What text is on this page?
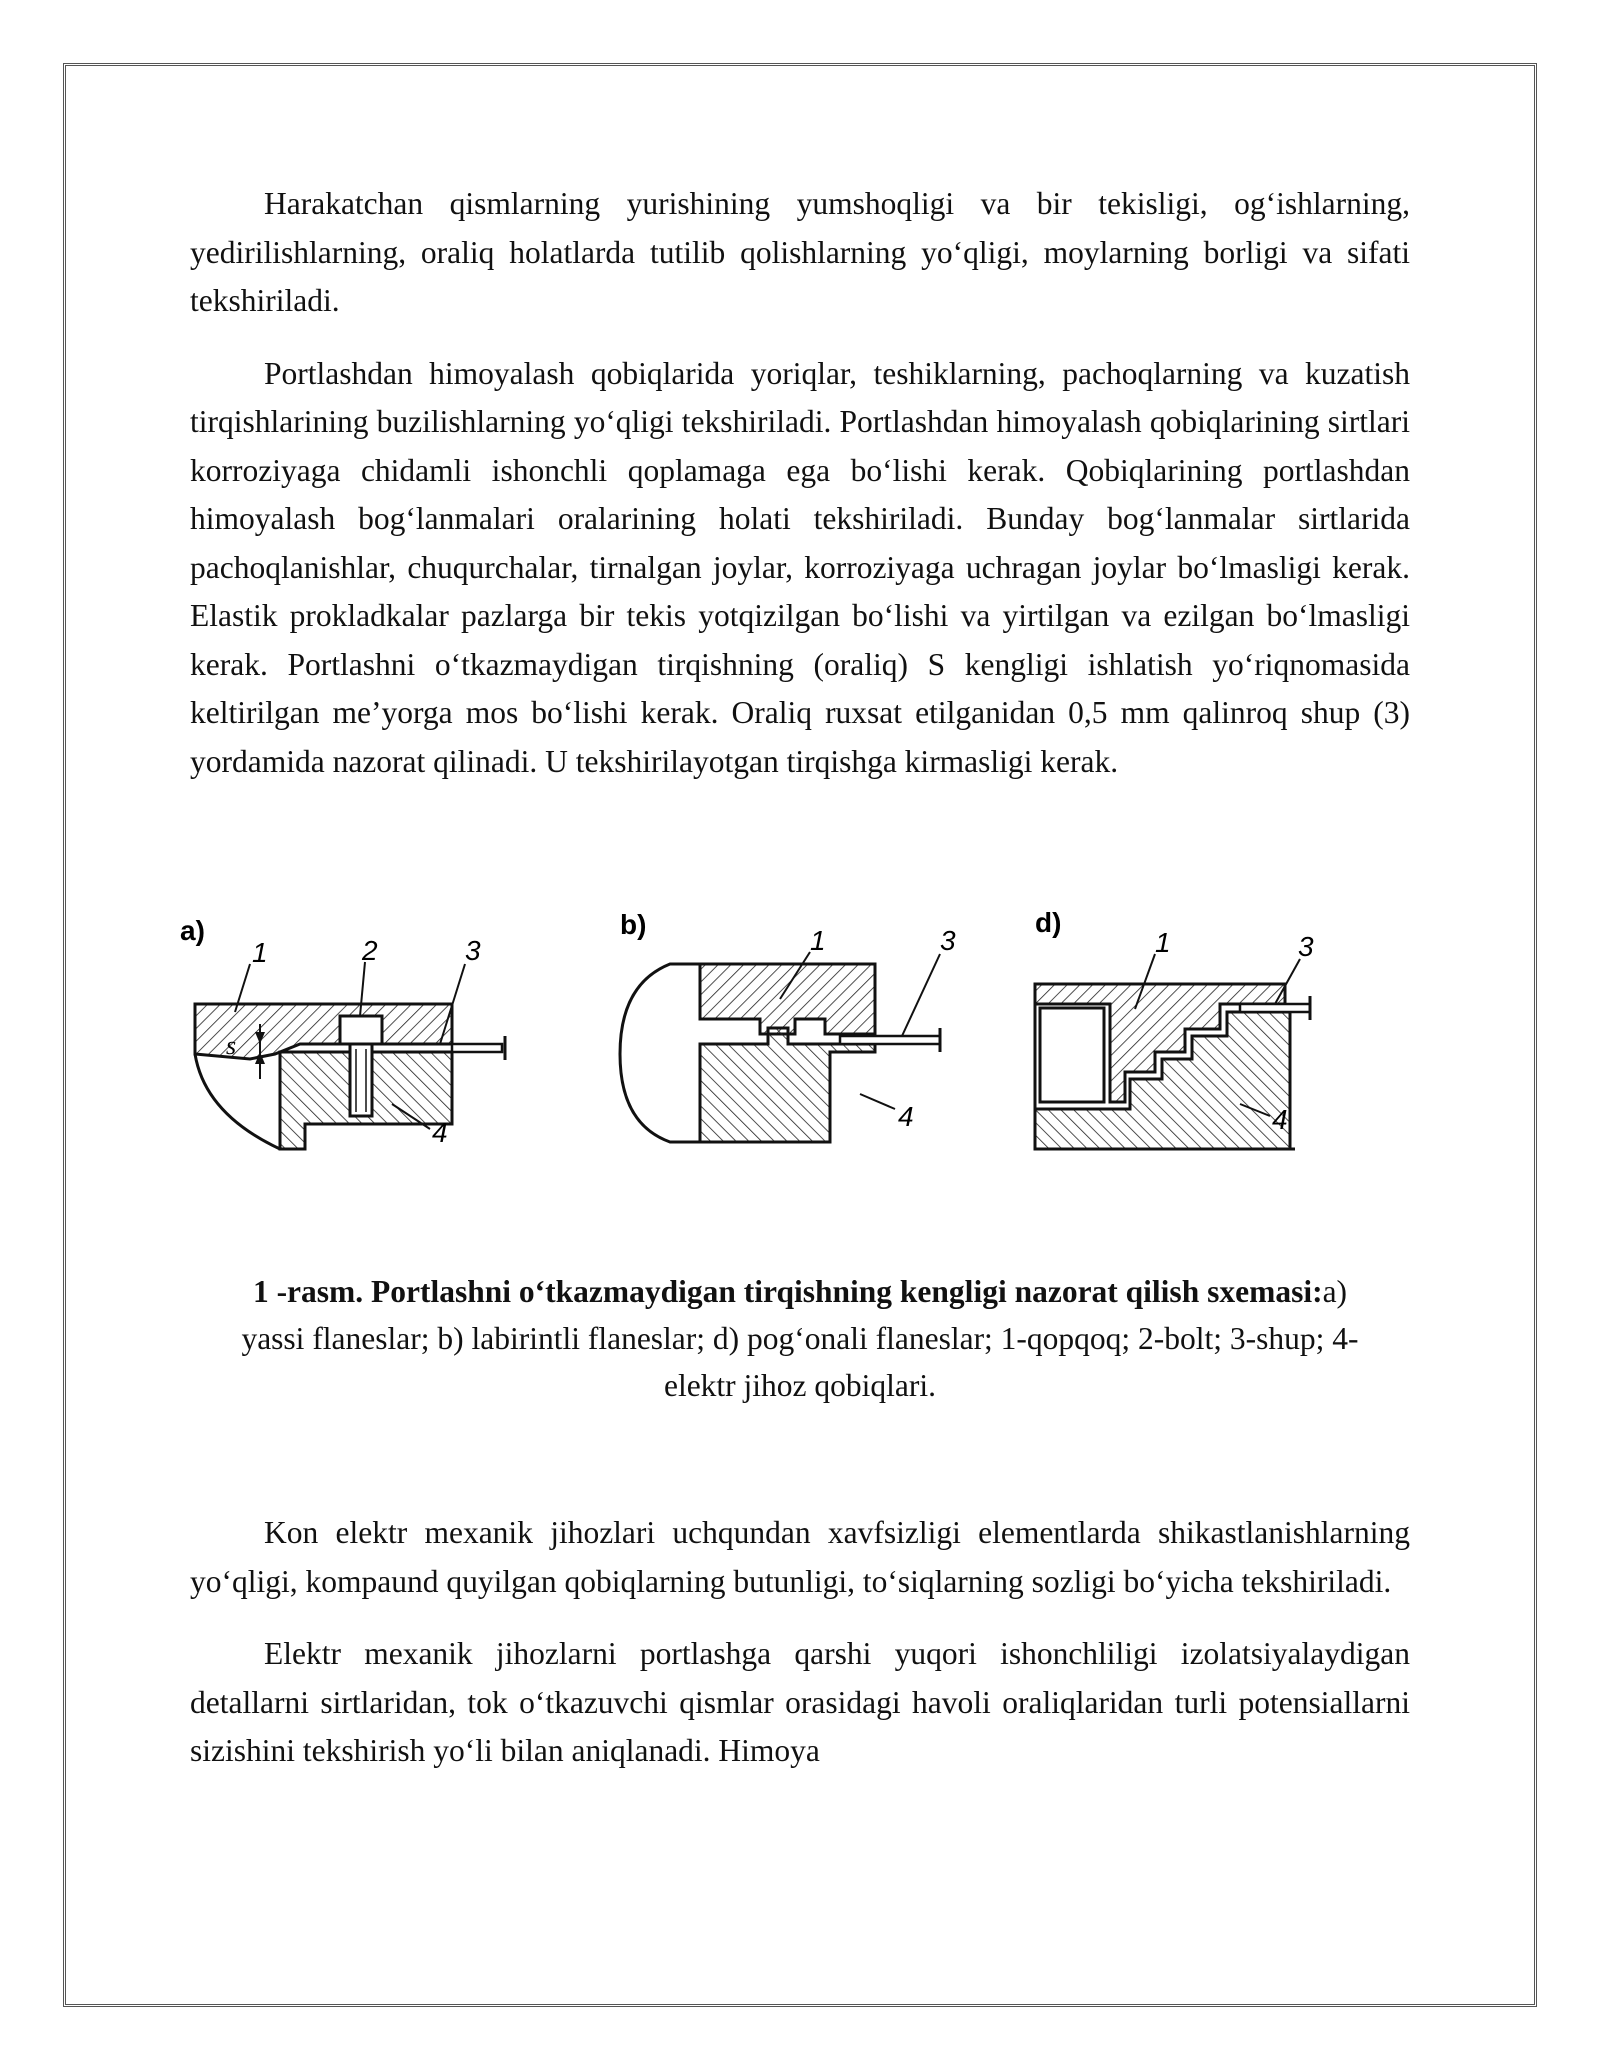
Harakatchan qismlarning yurishining yumshoqligi va bir tekisligi, og‘ishlarning, yedirilishlarning, oraliq holatlarda tutilib qolishlarning yo‘qligi, moylarning borligi va sifati tekshiriladi.

Portlashdan himoyalash qobiqlarida yoriqlar, teshiklarning, pachoqlarning va kuzatish tirqishlarining buzilishlarning yo‘qligi tekshiriladi. Portlashdan himoyalash qobiqlarining sirtlari korroziyaga chidamli ishonchli qoplamaga ega bo‘lishi kerak. Qobiqlarining portlashdan himoyalash bog‘lanmalari oralarining holati tekshiriladi. Bunday bog‘lanmalar sirtlarida pachoqlanishlar, chuqurchalar, tirnalgan joylar, korroziyaga uchragan joylar bo‘lmasligi kerak. Elastik prokladkalar pazlarga bir tekis yotqizilgan bo‘lishi va yirtilgan va ezilgan bo‘lmasligi kerak. Portlashni o‘tkazmaydigan tirqishning (oraliq) S kengligi ishlatish yo‘riqnomasida keltirilgan me’yorga mos bo‘lishi kerak. Oraliq ruxsat etilganidan 0,5 mm qalinroq shup (3) yordamida nazorat qilinadi. U tekshirilayotgan tirqishga kirmasligi kerak.

a)
s
1	2	3
4
b)
1	3
4
d)
1	3
4
1 -rasm. Portlashni o‘tkazmaydigan tirqishning kengligi nazorat qilish sxemasi:a) yassi flaneslar; b) labirintli flaneslar; d) pog‘onali flaneslar; 1-qopqoq; 2-bolt; 3-shup; 4-elektr jihoz qobiqlari.

Kon elektr mexanik jihozlari uchqundan xavfsizligi elementlarda shikastlanishlarning yo‘qligi, kompaund quyilgan qobiqlarning butunligi, to‘siqlarning sozligi bo‘yicha tekshiriladi.

Elektr mexanik jihozlarni portlashga qarshi yuqori ishonchliligi izolatsiyalaydigan detallarni sirtlaridan, tok o‘tkazuvchi qismlar orasidagi havoli oraliqlaridan turli potensiallarni sizishini tekshirish yo‘li bilan aniqlanadi. Himoya
